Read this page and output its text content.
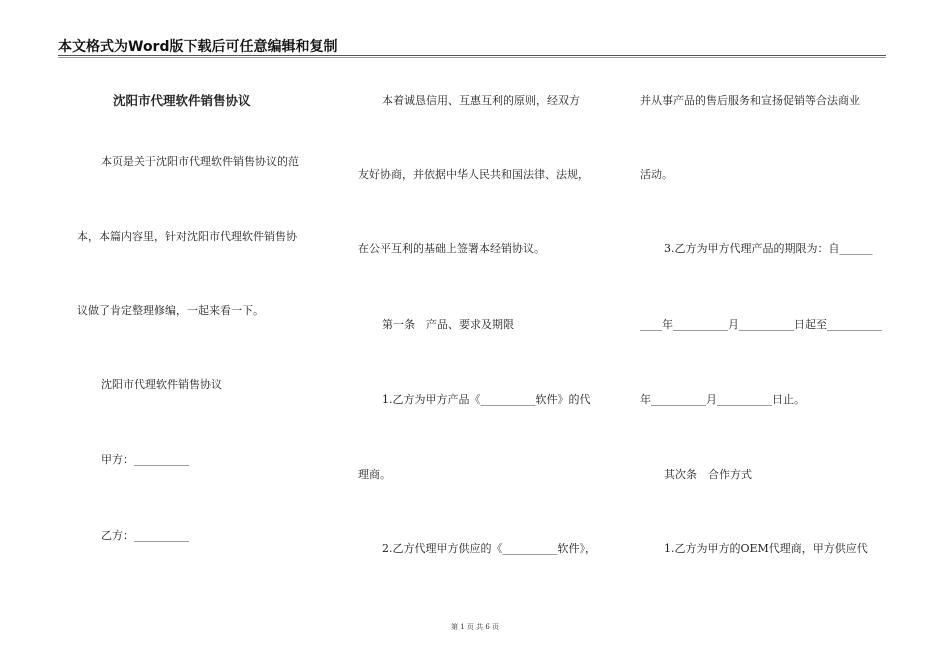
本文格式为Word版下载后可任意编辑和复制
沈阳市代理软件销售协议
本页是关于沈阳市代理软件销售协议的范
本，本篇内容里，针对沈阳市代理软件销售协
议做了肯定整理修编，一起来看一下。
沈阳市代理软件销售协议
甲方：__________
乙方：__________
本着诚恳信用、互惠互利的原则，经双方
友好协商，并依据中华人民共和国法律、法规，
在公平互利的基础上签署本经销协议。
第一条　产品、要求及期限
1.乙方为甲方产品《__________软件》的代
理商。
2.乙方代理甲方供应的《__________软件》，
并从事产品的售后服务和宣扬促销等合法商业
活动。
3.乙方为甲方代理产品的期限为：自______
____年__________月__________日起至__________
年__________月__________日止。
其次条　合作方式
1.乙方为甲方的OEM代理商，甲方供应代
第 1 页 共 6 页
